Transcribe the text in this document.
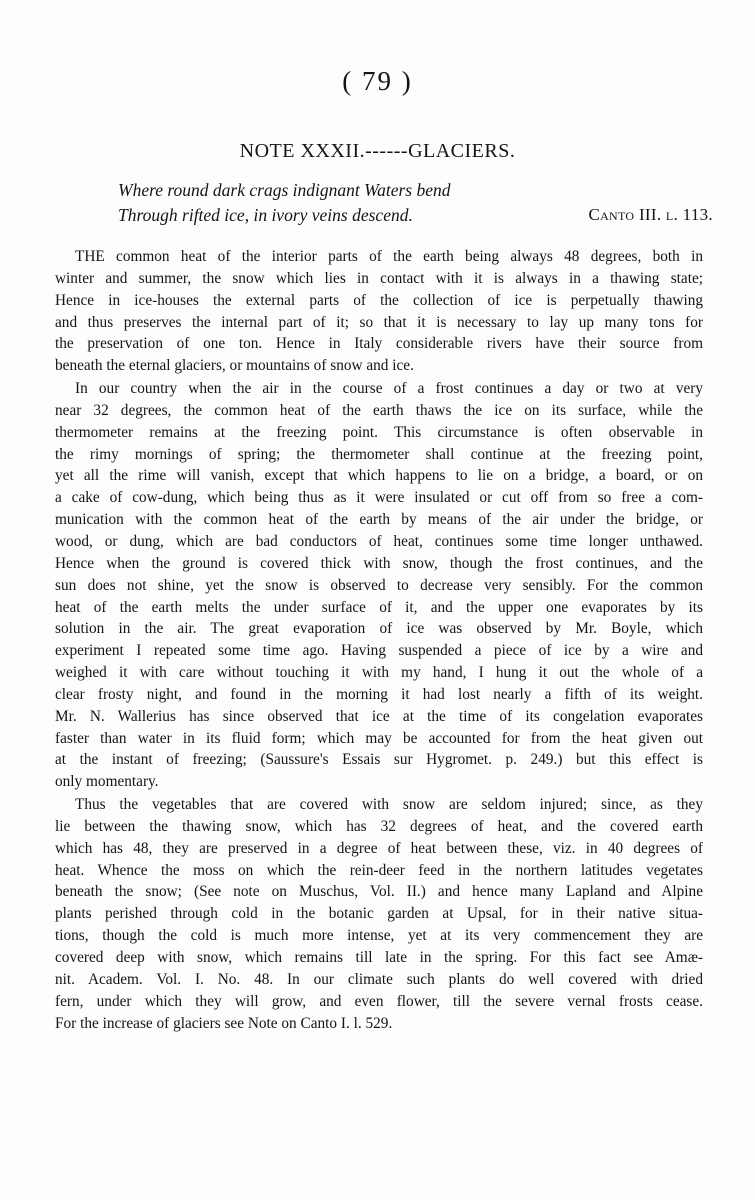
( 79 )
NOTE XXXII.------GLACIERS.
Where round dark crags indignant Waters bend
Through rifted ice, in ivory veins descend.	Canto III. l. 113.

THE common heat of the interior parts of the earth being always 48 degrees, both in
winter and summer, the snow which lies in contact with it is always in a thawing state;
Hence in ice-houses the external parts of the collection of ice is perpetually thawing
and thus preserves the internal part of it; so that it is necessary to lay up many tons for
the preservation of one ton. Hence in Italy considerable rivers have their source from
beneath the eternal glaciers, or mountains of snow and ice.

In our country when the air in the course of a frost continues a day or two at very
near 32 degrees, the common heat of the earth thaws the ice on its surface, while the
thermometer remains at the freezing point. This circumstance is often observable in
the rimy mornings of spring; the thermometer shall continue at the freezing point,
yet all the rime will vanish, except that which happens to lie on a bridge, a board, or on
a cake of cow-dung, which being thus as it were insulated or cut off from so free a com-
munication with the common heat of the earth by means of the air under the bridge, or
wood, or dung, which are bad conductors of heat, continues some time longer unthawed.
Hence when the ground is covered thick with snow, though the frost continues, and the
sun does not shine, yet the snow is observed to decrease very sensibly. For the common
heat of the earth melts the under surface of it, and the upper one evaporates by its
solution in the air. The great evaporation of ice was observed by Mr. Boyle, which
experiment I repeated some time ago. Having suspended a piece of ice by a wire and
weighed it with care without touching it with my hand, I hung it out the whole of a
clear frosty night, and found in the morning it had lost nearly a fifth of its weight.
Mr. N. Wallerius has since observed that ice at the time of its congelation evaporates
faster than water in its fluid form; which may be accounted for from the heat given out
at the instant of freezing; (Saussure's Essais sur Hygromet. p. 249.) but this effect is
only momentary.

Thus the vegetables that are covered with snow are seldom injured; since, as they
lie between the thawing snow, which has 32 degrees of heat, and the covered earth
which has 48, they are preserved in a degree of heat between these, viz. in 40 degrees of
heat. Whence the moss on which the rein-deer feed in the northern latitudes vegetates
beneath the snow; (See note on Muschus, Vol. II.) and hence many Lapland and Alpine
plants perished through cold in the botanic garden at Upsal, for in their native situa-
tions, though the cold is much more intense, yet at its very commencement they are
covered deep with snow, which remains till late in the spring. For this fact see Amæ-
nit. Academ. Vol. I. No. 48. In our climate such plants do well covered with dried
fern, under which they will grow, and even flower, till the severe vernal frosts cease.
For the increase of glaciers see Note on Canto I. l. 529.
